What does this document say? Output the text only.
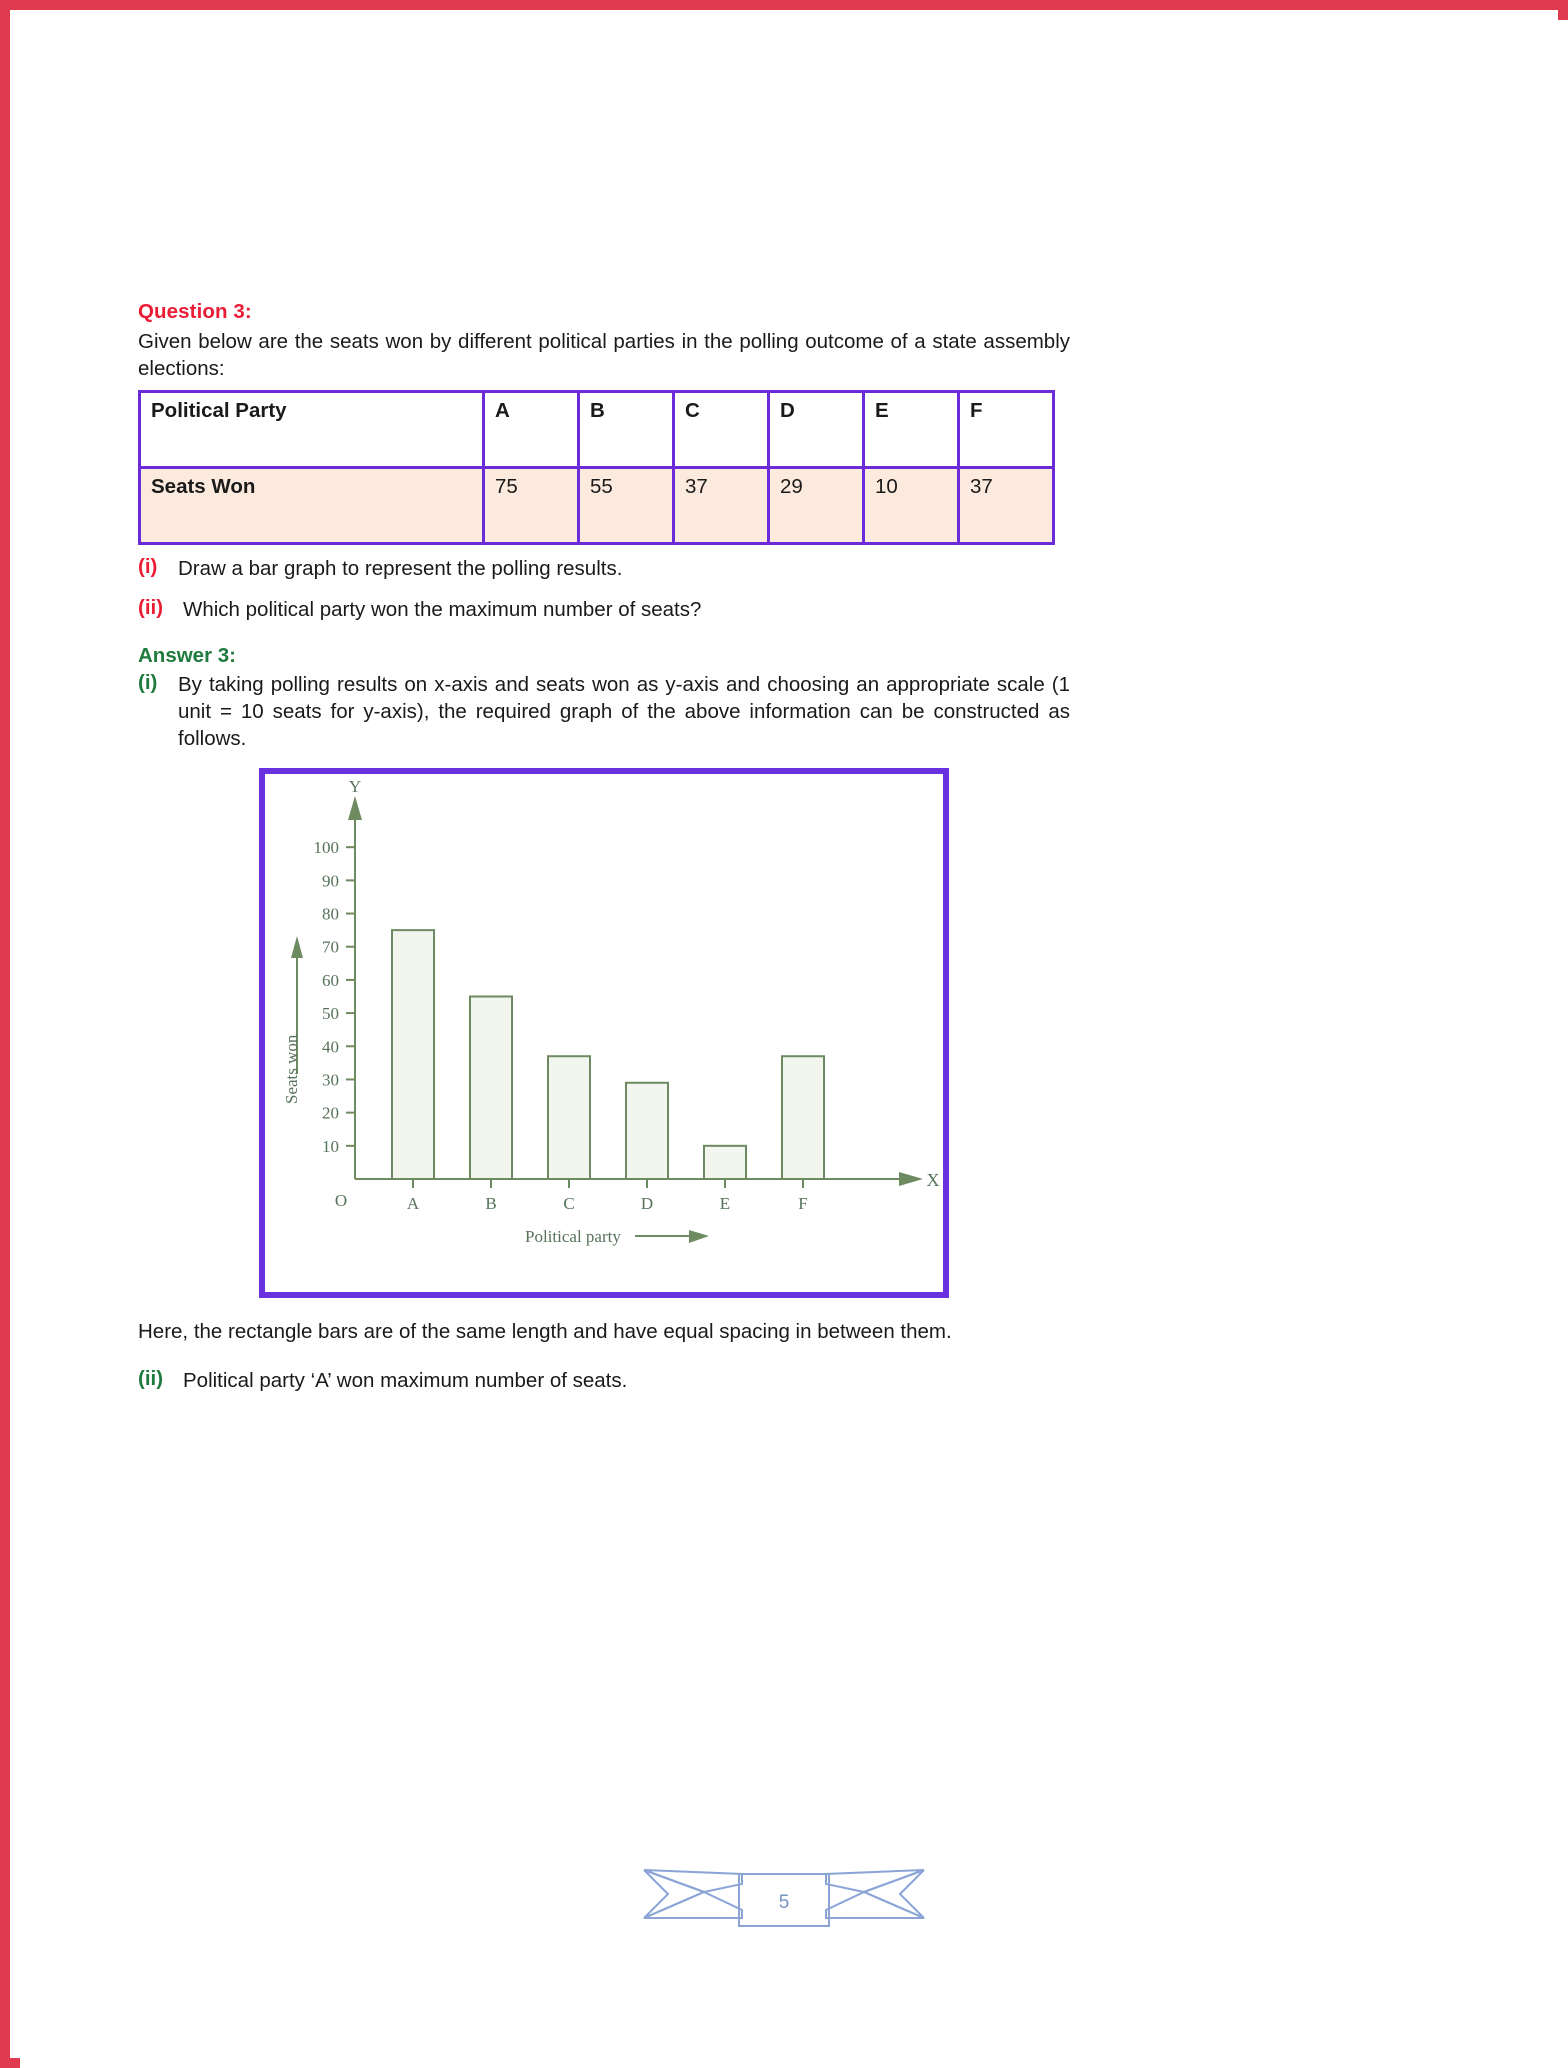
Question 3:

Given below are the seats won by different political parties in the polling outcome of a state assembly elections:

Political Party	A	B	C	D	E	F
Seats Won	75	55	37	29	10	37
(i)	Draw a bar graph to represent the polling results.
(ii) Which political party won the maximum number of seats?
Answer 3:
(i)	By taking polling results on x-axis and seats won as y-axis and choosing an appropriate scale (1 unit = 10 seats for y-axis), the required graph of the above information can be constructed as follows.
Y
X
O
Seats won
Political party
10
20
30
40
50
60
70
80
90
100
A	B	C	D	E	F

Here, the rectangle bars are of the same length and have equal spacing in between them.

(ii) Political party ‘A’ won maximum number of seats.
5
